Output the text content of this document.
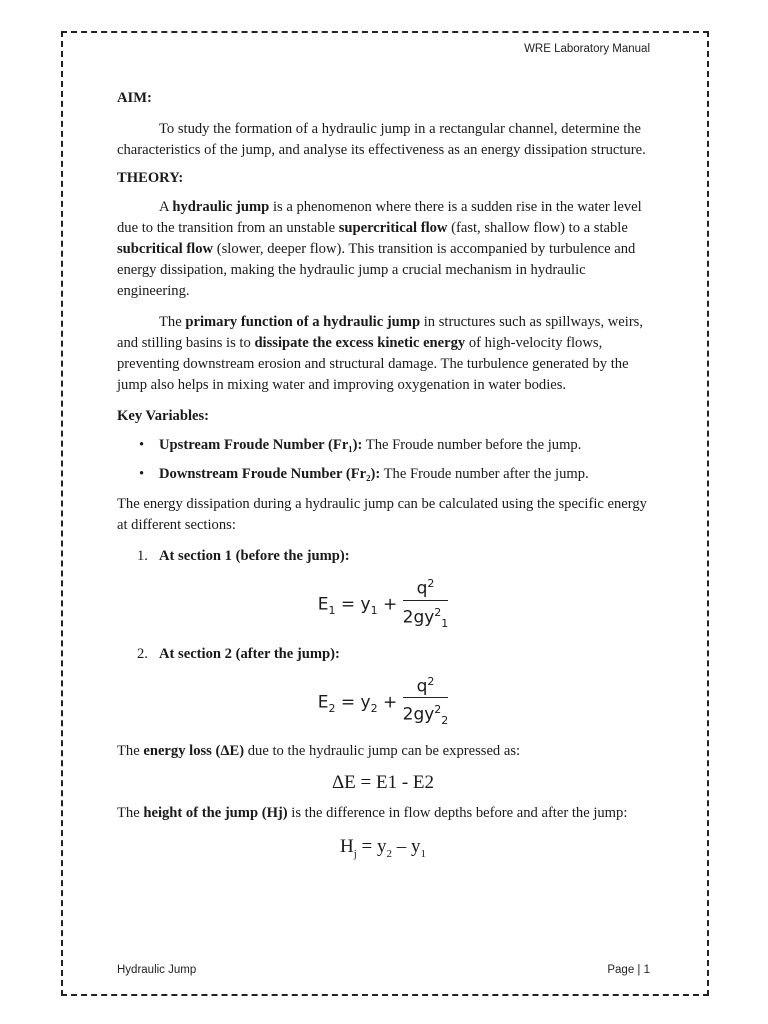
WRE Laboratory Manual

AIM:

To study the formation of a hydraulic jump in a rectangular channel, determine the characteristics of the jump, and analyse its effectiveness as an energy dissipation structure.

THEORY:

A hydraulic jump is a phenomenon where there is a sudden rise in the water level due to the transition from an unstable supercritical flow (fast, shallow flow) to a stable subcritical flow (slower, deeper flow). This transition is accompanied by turbulence and energy dissipation, making the hydraulic jump a crucial mechanism in hydraulic engineering.

The primary function of a hydraulic jump in structures such as spillways, weirs, and stilling basins is to dissipate the excess kinetic energy of high-velocity flows, preventing downstream erosion and structural damage. The turbulence generated by the jump also helps in mixing water and improving oxygenation in water bodies.

Key Variables:

• Upstream Froude Number (Fr₁): The Froude number before the jump.
• Downstream Froude Number (Fr₂): The Froude number after the jump.

The energy dissipation during a hydraulic jump can be calculated using the specific energy at different sections:

1. At section 1 (before the jump):
$E_1 = y_1 + \frac{q^2}{2gy^2_1}$
2. At section 2 (after the jump):
$E_2 = y_2 + \frac{q^2}{2gy^2_2}$

The energy loss (ΔE) due to the hydraulic jump can be expressed as:

ΔE = E1 - E2

The height of the jump (Hj) is the difference in flow depths before and after the jump:

$H_j = y_2 - y_1$
Hydraulic Jump	Page | 1
